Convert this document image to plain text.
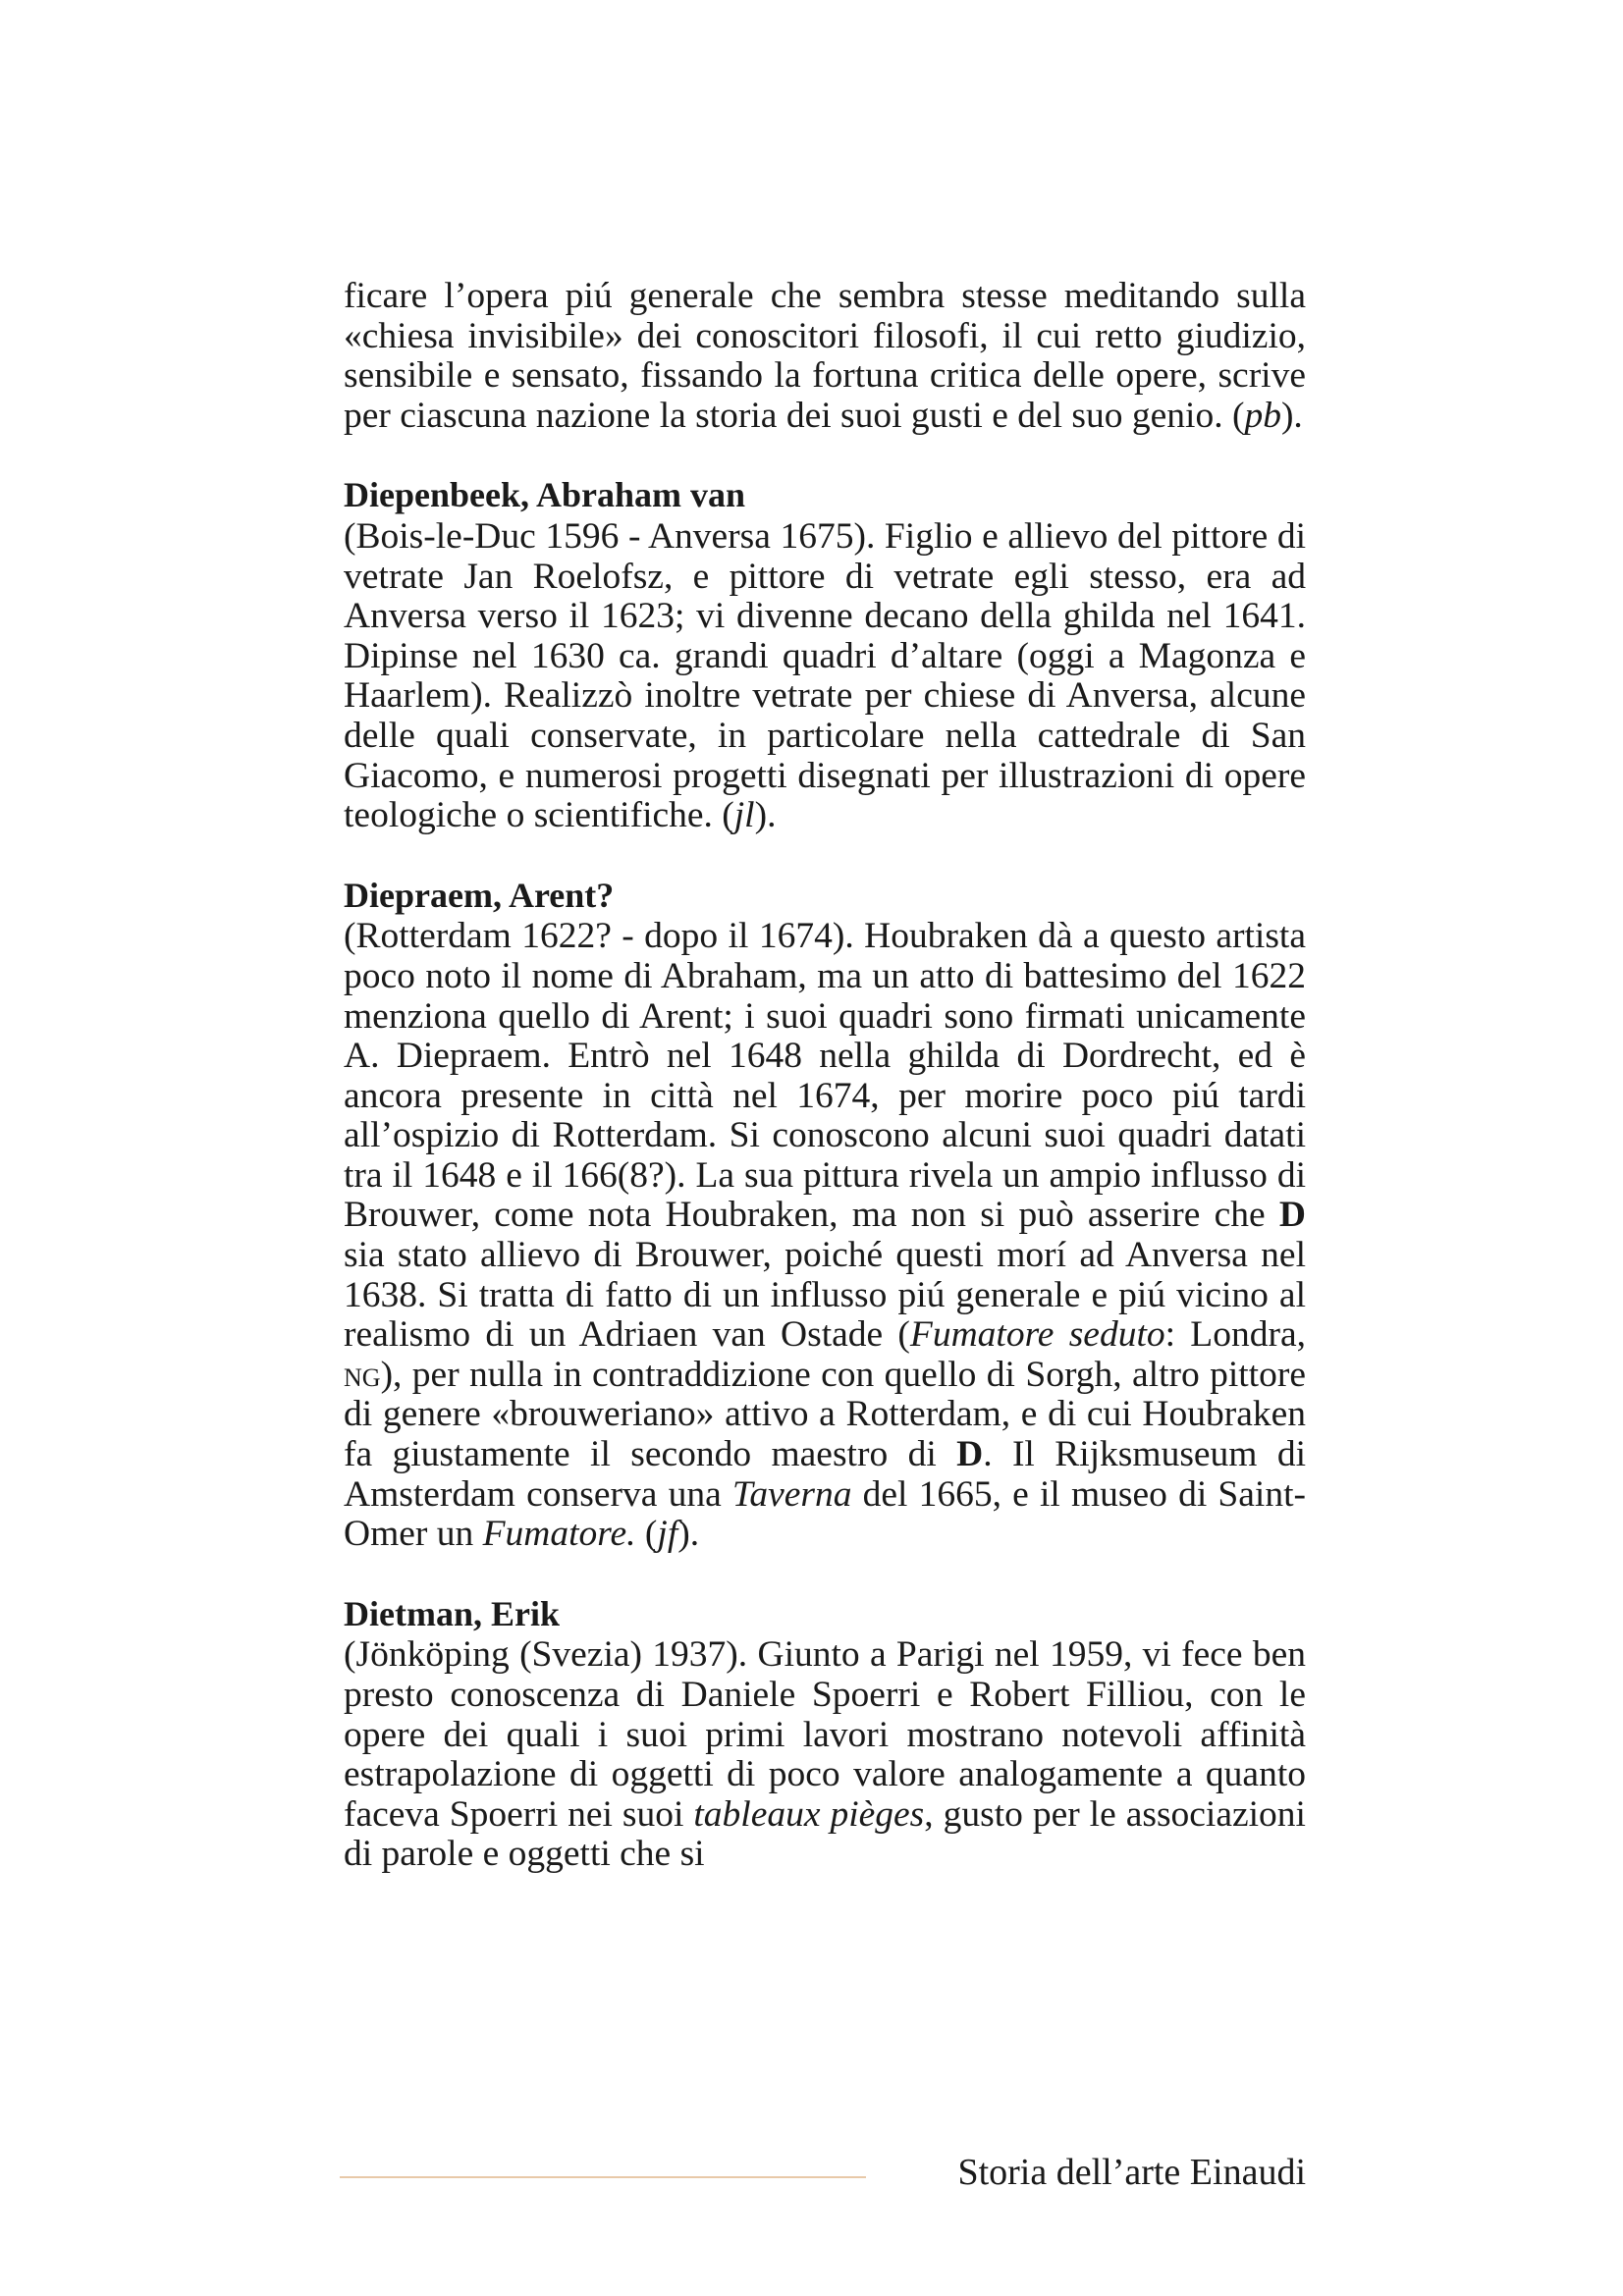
ficare l’opera piú generale che sembra stesse meditando sulla «chiesa invisibile» dei conoscitori filosofi, il cui retto giudizio, sensibile e sensato, fissando la fortuna critica delle opere, scrive per ciascuna nazione la storia dei suoi gusti e del suo genio. (pb).

Diepenbeek, Abraham van

(Bois-le-Duc 1596 - Anversa 1675). Figlio e allievo del pittore di vetrate Jan Roelofsz, e pittore di vetrate egli stesso, era ad Anversa verso il 1623; vi divenne decano della ghilda nel 1641. Dipinse nel 1630 ca. grandi quadri d’altare (oggi a Magonza e Haarlem). Realizzò inoltre vetrate per chiese di Anversa, alcune delle quali conservate, in particolare nella cattedrale di San Giacomo, e numerosi progetti disegnati per illustrazioni di opere teologiche o scientifiche. (jl).

Diepraem, Arent?

(Rotterdam 1622? - dopo il 1674). Houbraken dà a questo artista poco noto il nome di Abraham, ma un atto di battesimo del 1622 menziona quello di Arent; i suoi quadri sono firmati unicamente A. Diepraem. Entrò nel 1648 nella ghilda di Dordrecht, ed è ancora presente in città nel 1674, per morire poco piú tardi all’ospizio di Rotterdam. Si conoscono alcuni suoi quadri datati tra il 1648 e il 166(8?). La sua pittura rivela un ampio influsso di Brouwer, come nota Houbraken, ma non si può asserire che D sia stato allievo di Brouwer, poiché questi morí ad Anversa nel 1638. Si tratta di fatto di un influsso piú generale e piú vicino al realismo di un Adriaen van Ostade (Fumatore seduto: Londra, ng), per nulla in contraddizione con quello di Sorgh, altro pittore di genere «brouweriano» attivo a Rotterdam, e di cui Houbraken fa giustamente il secondo maestro di D. Il Rijksmuseum di Amsterdam conserva una Taverna del 1665, e il museo di Saint-Omer un Fumatore. (jf).

Dietman, Erik

(Jönköping (Svezia) 1937). Giunto a Parigi nel 1959, vi fece ben presto conoscenza di Daniele Spoerri e Robert Filliou, con le opere dei quali i suoi primi lavori mostrano notevoli affinità estrapolazione di oggetti di poco valore analogamente a quanto faceva Spoerri nei suoi tableaux pièges, gusto per le associazioni di parole e oggetti che si

Storia dell’arte Einaudi
